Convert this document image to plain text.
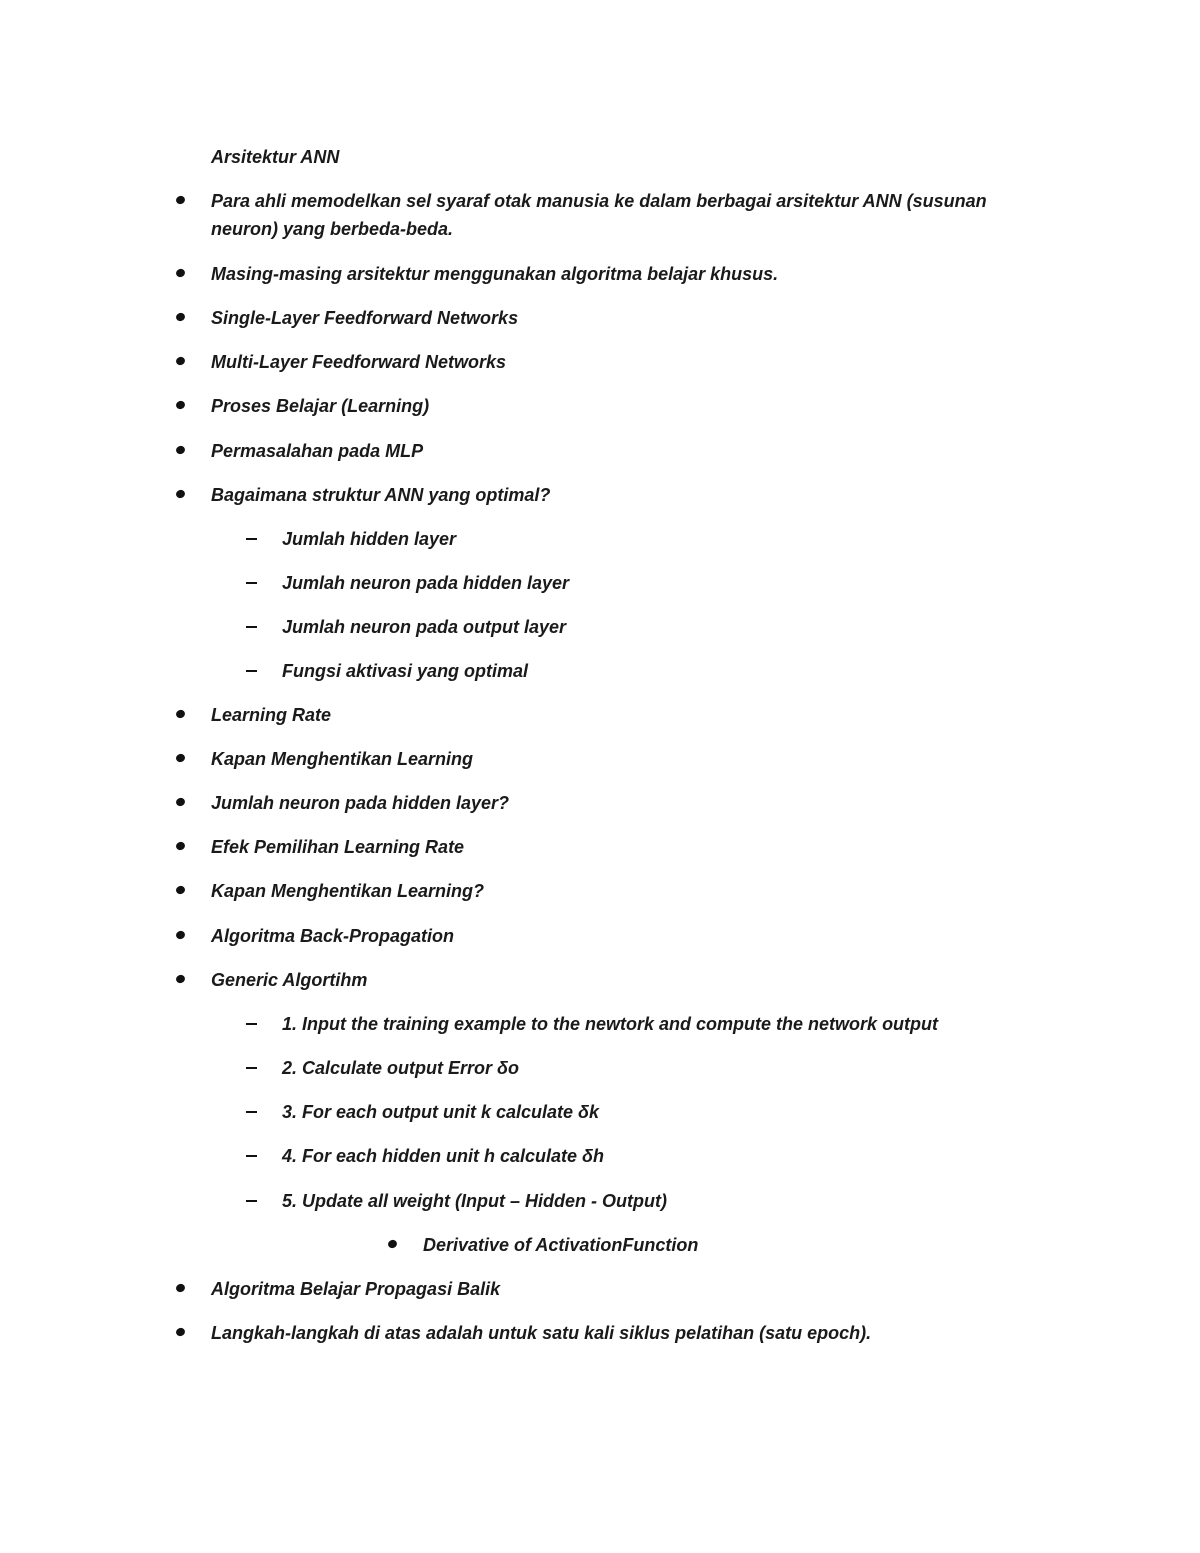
Arsitektur ANN
Para ahli memodelkan sel syaraf otak manusia ke dalam berbagai arsitektur ANN (susunan neuron) yang berbeda-beda.
Masing-masing arsitektur menggunakan algoritma belajar khusus.
Single-Layer Feedforward Networks
Multi-Layer Feedforward Networks
Proses Belajar (Learning)
Permasalahan pada MLP
Bagaimana struktur ANN yang optimal?
Jumlah hidden layer
Jumlah neuron pada hidden layer
Jumlah neuron pada output layer
Fungsi aktivasi yang optimal
Learning Rate
Kapan Menghentikan Learning
Jumlah neuron pada hidden layer?
Efek Pemilihan Learning Rate
Kapan Menghentikan Learning?
Algoritma Back-Propagation
Generic Algortihm
1. Input the training example to the newtork and compute the network output
2. Calculate output Error δo
3. For each output unit k calculate δk
4. For each hidden unit h calculate δh
5. Update all weight (Input – Hidden - Output)
Derivative of ActivationFunction
Algoritma Belajar Propagasi Balik
Langkah-langkah di atas adalah untuk satu kali siklus pelatihan (satu epoch).
